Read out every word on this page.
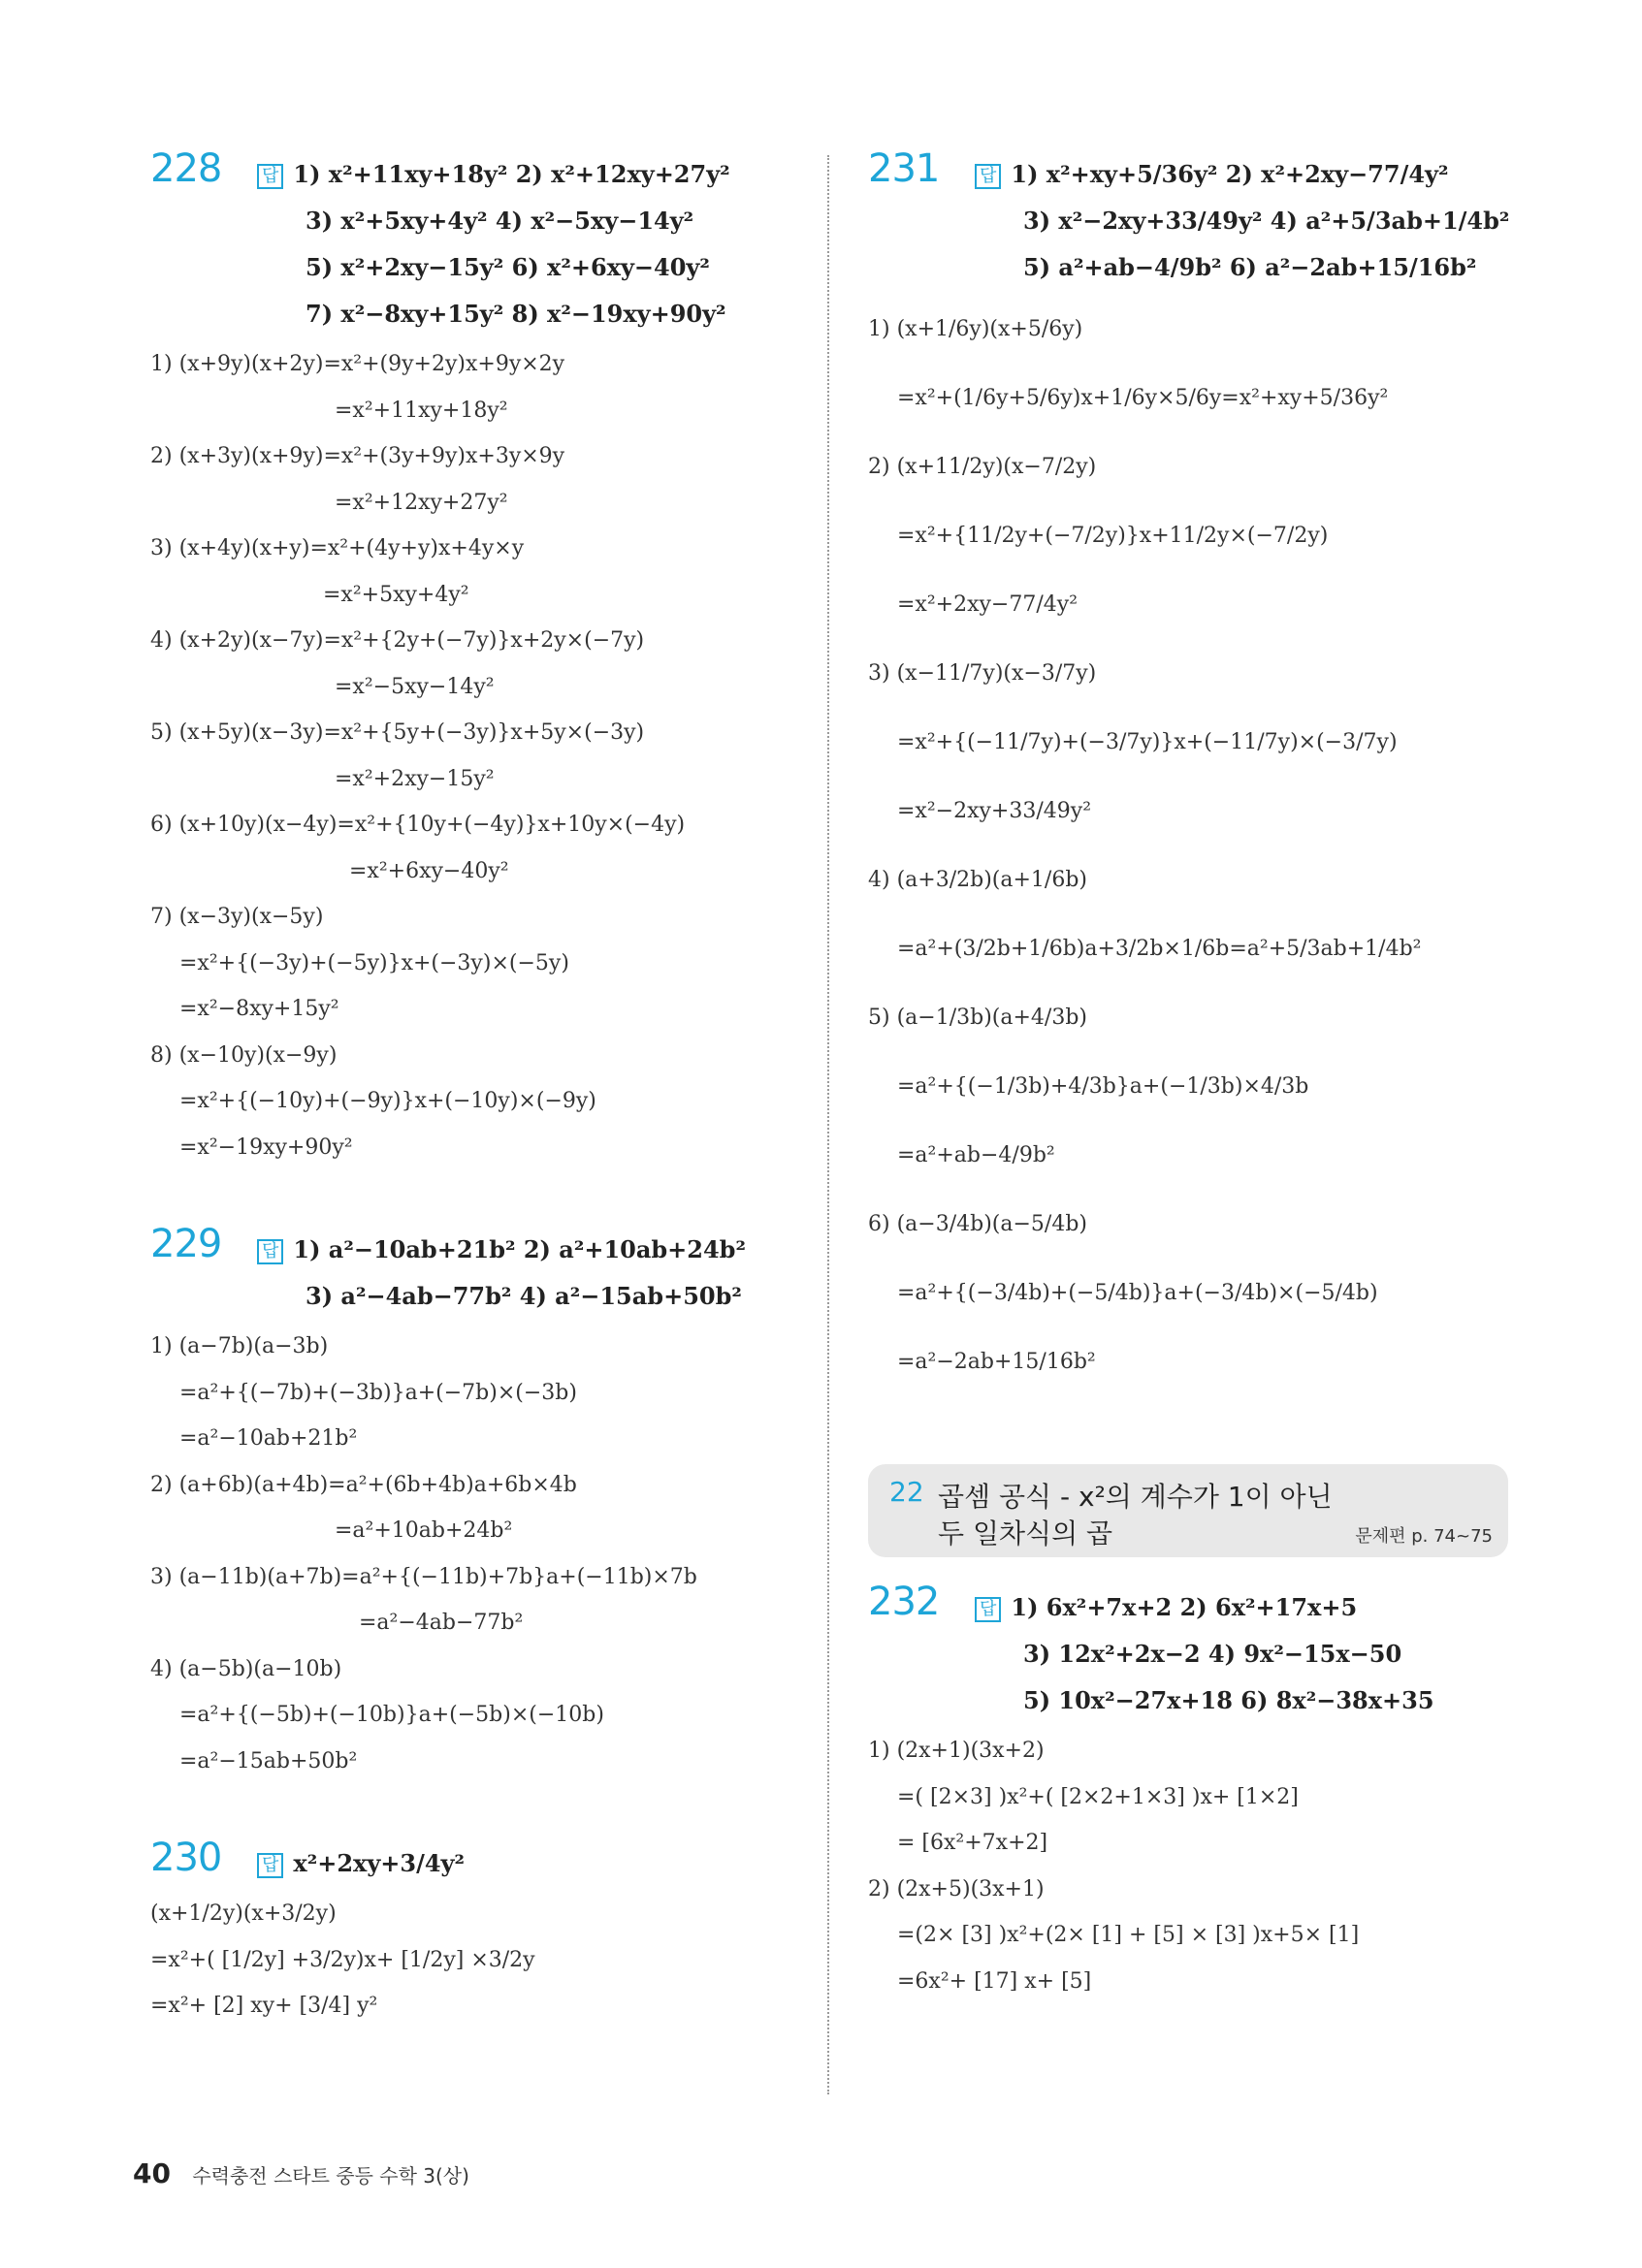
228 답 1) x²+11xy+18y² 2) x²+12xy+27y²
3) x²+5xy+4y² 4) x²−5xy−14y²
5) x²+2xy−15y² 6) x²+6xy−40y²
7) x²−8xy+15y² 8) x²−19xy+90y²
1) (x+9y)(x+2y)=x²+(9y+2y)x+9y×2y
=x²+11xy+18y²
2) (x+3y)(x+9y)=x²+(3y+9y)x+3y×9y
=x²+12xy+27y²
3) (x+4y)(x+y)=x²+(4y+y)x+4y×y
=x²+5xy+4y²
4) (x+2y)(x−7y)=x²+{2y+(−7y)}x+2y×(−7y)
=x²−5xy−14y²
5) (x+5y)(x−3y)=x²+{5y+(−3y)}x+5y×(−3y)
=x²+2xy−15y²
6) (x+10y)(x−4y)=x²+{10y+(−4y)}x+10y×(−4y)
=x²+6xy−40y²
7) (x−3y)(x−5y)
=x²+{(−3y)+(−5y)}x+(−3y)×(−5y)
=x²−8xy+15y²
8) (x−10y)(x−9y)
=x²+{(−10y)+(−9y)}x+(−10y)×(−9y)
=x²−19xy+90y²
229 답 1) a²−10ab+21b² 2) a²+10ab+24b²
3) a²−4ab−77b² 4) a²−15ab+50b²
1) (a−7b)(a−3b)
=a²+{(−7b)+(−3b)}a+(−7b)×(−3b)
=a²−10ab+21b²
2) (a+6b)(a+4b)=a²+(6b+4b)a+6b×4b
=a²+10ab+24b²
3) (a−11b)(a+7b)=a²+{(−11b)+7b}a+(−11b)×7b
=a²−4ab−77b²
4) (a−5b)(a−10b)
=a²+{(−5b)+(−10b)}a+(−5b)×(−10b)
=a²−15ab+50b²
230 답 x²+2xy+3/4y²
(x+1/2y)(x+3/2y)
=x²+( [1/2y] +3/2y)x+ [1/2y] ×3/2y
=x²+ [2] xy+ [3/4] y²
231 답 1) x²+xy+5/36y² 2) x²+2xy−77/4y²
3) x²−2xy+33/49y² 4) a²+5/3ab+1/4b²
5) a²+ab−4/9b² 6) a²−2ab+15/16b²
1) (x+1/6y)(x+5/6y)
=x²+(1/6y+5/6y)x+1/6y×5/6y=x²+xy+5/36y²
2) (x+11/2y)(x−7/2y)
=x²+{11/2y+(−7/2y)}x+11/2y×(−7/2y)
=x²+2xy−77/4y²
3) (x−11/7y)(x−3/7y)
=x²+{(−11/7y)+(−3/7y)}x+(−11/7y)×(−3/7y)
=x²−2xy+33/49y²
4) (a+3/2b)(a+1/6b)
=a²+(3/2b+1/6b)a+3/2b×1/6b=a²+5/3ab+1/4b²
5) (a−1/3b)(a+4/3b)
=a²+{(−1/3b)+4/3b}a+(−1/3b)×4/3b
=a²+ab−4/9b²
6) (a−3/4b)(a−5/4b)
=a²+{(−3/4b)+(−5/4b)}a+(−3/4b)×(−5/4b)
=a²−2ab+15/16b²
22 곱셈 공식 - x²의 계수가 1이 아닌
두 일차식의 곱	문제편 p. 74~75
232 답 1) 6x²+7x+2 2) 6x²+17x+5
3) 12x²+2x−2 4) 9x²−15x−50
5) 10x²−27x+18 6) 8x²−38x+35
1) (2x+1)(3x+2)
=( [2×3] )x²+( [2×2+1×3] )x+ [1×2]
= [6x²+7x+2]
2) (2x+5)(3x+1)
=(2× [3] )x²+(2× [1] + [5] × [3] )x+5× [1]
=6x²+ [17] x+ [5]
40 수력충전 스타트 중등 수학 3(상)
